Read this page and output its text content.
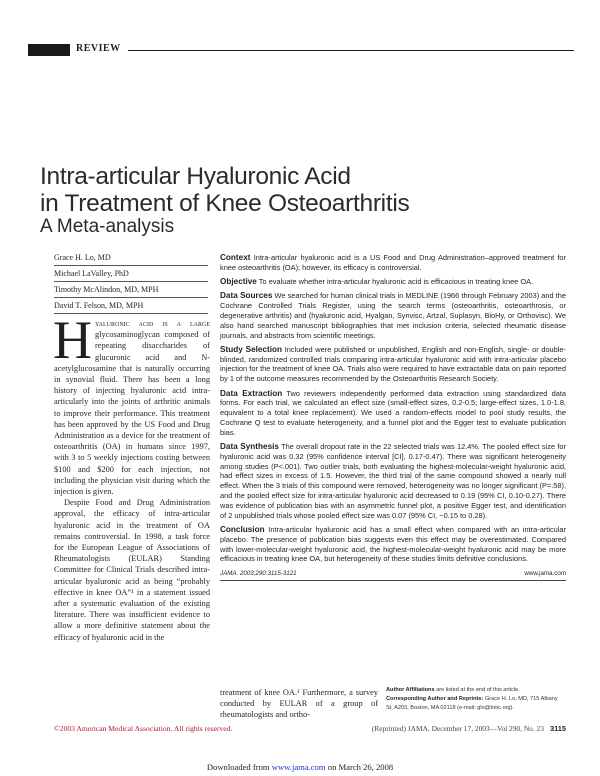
REVIEW
Intra-articular Hyaluronic Acid
in Treatment of Knee Osteoarthritis
A Meta-analysis
Grace H. Lo, MD
Michael LaValley, PhD
Timothy McAlindon, MD, MPH
David T. Felson, MD, MPH

Context Intra-articular hyaluronic acid is a US Food and Drug Administration–approved treatment for knee osteoarthritis (OA); however, its efficacy is controversial.

Objective To evaluate whether intra-articular hyaluronic acid is efficacious in treating knee OA.

Data Sources We searched for human clinical trials in MEDLINE (1966 through February 2003) and the Cochrane Controlled Trials Register, using the search terms (osteoarthritis, osteoarthrosis, or degenerative arthritis) and (hyaluronic acid, Hyalgan, Synvisc, Artzal, Suplasyn, BioHy, or Orthovisc). We also hand searched manuscript bibliographies that met inclusion criteria, selected rheumatic disease journals, and abstracts from scientific meetings.

Study Selection Included were published or unpublished, English and non-English, single- or double-blinded, randomized controlled trials comparing intra-articular hyaluronic acid with intra-articular placebo injection for the treatment of knee OA. Trials also were required to have extractable data on pain reported by 1 of the outcome measures recommended by the Osteoarthritis Research Society.

Data Extraction Two reviewers independently performed data extraction using standardized data forms. For each trial, we calculated an effect size (small-effect sizes, 0.2-0.5; large-effect sizes, 1.0-1.8, equivalent to a total knee replacement). We used a random-effects model to pool study results, the Cochrane Q test to evaluate heterogeneity, and a funnel plot and the Egger test to evaluate publication bias.

Data Synthesis The overall dropout rate in the 22 selected trials was 12.4%. The pooled effect size for hyaluronic acid was 0.32 (95% confidence interval [CI], 0.17-0.47). There was significant heterogeneity among studies (P<.001). Two outlier trials, both evaluating the highest-molecular-weight hyaluronic acid, had effect sizes in excess of 1.5. However, the third trial of the same compound showed a nearly null effect. When the 3 trials of this compound were removed, heterogeneity was no longer significant (P=.58), and the pooled effect size for intra-articular hyaluronic acid decreased to 0.19 (95% CI, 0.10-0.27). There was evidence of publication bias with an asymmetric funnel plot, a positive Egger test, and identification of 2 unpublished trials whose pooled effect size was 0.07 (95% CI, −0.15 to 0.28).

Conclusion Intra-articular hyaluronic acid has a small effect when compared with an intra-articular placebo. The presence of publication bias suggests even this effect may be overestimated. Compared with lower-molecular-weight hyaluronic acid, the highest-molecular-weight hyaluronic acid may be more efficacious in treating knee OA, but heterogeneity of these studies limits definitive conclusions.

JAMA. 2003;290:3115-3121	www.jama.com

Hyaluronic acid is a large glycosaminoglycan composed of repeating disaccharides of glucuronic acid and N-acetylglucosamine that is naturally occurring in synovial fluid. There has been a long history of injecting hyaluronic acid intra-articularly into the joints of arthritic animals to improve their performance. This treatment has been approved by the US Food and Drug Administration as a device for the treatment of osteoarthritis (OA) in humans since 1997, with 3 to 5 weekly injections costing between $100 and $200 for each injection, not including the physician visit during which the injection is given.

Despite Food and Drug Administration approval, the efficacy of intra-articular hyaluronic acid in the treatment of OA remains controversial. In 1998, a task force for the European League of Associations of Rheumatologists (EULAR) Standing Committee for Clinical Trials described intra-articular hyaluronic acid as being “probably effective in knee OA”¹ in a statement issued after a systematic evaluation of the existing literature. There was insufficient evidence to allow a more definitive statement about the efficacy of hyaluronic acid in the

treatment of knee OA.¹ Furthermore, a survey conducted by EULAR of a group of rheumatologists and ortho-

Author Affiliations are listed at the end of this article.
Corresponding Author and Reprints: Grace H. Lo, MD, 715 Albany St, A203, Boston, MA 02118 (e-mail: glo@bmc.org).
©2003 American Medical Association. All rights reserved.	(Reprinted) JAMA, December 17, 2003—Vol 290, No. 23 3115
Downloaded from www.jama.com on March 26, 2008
